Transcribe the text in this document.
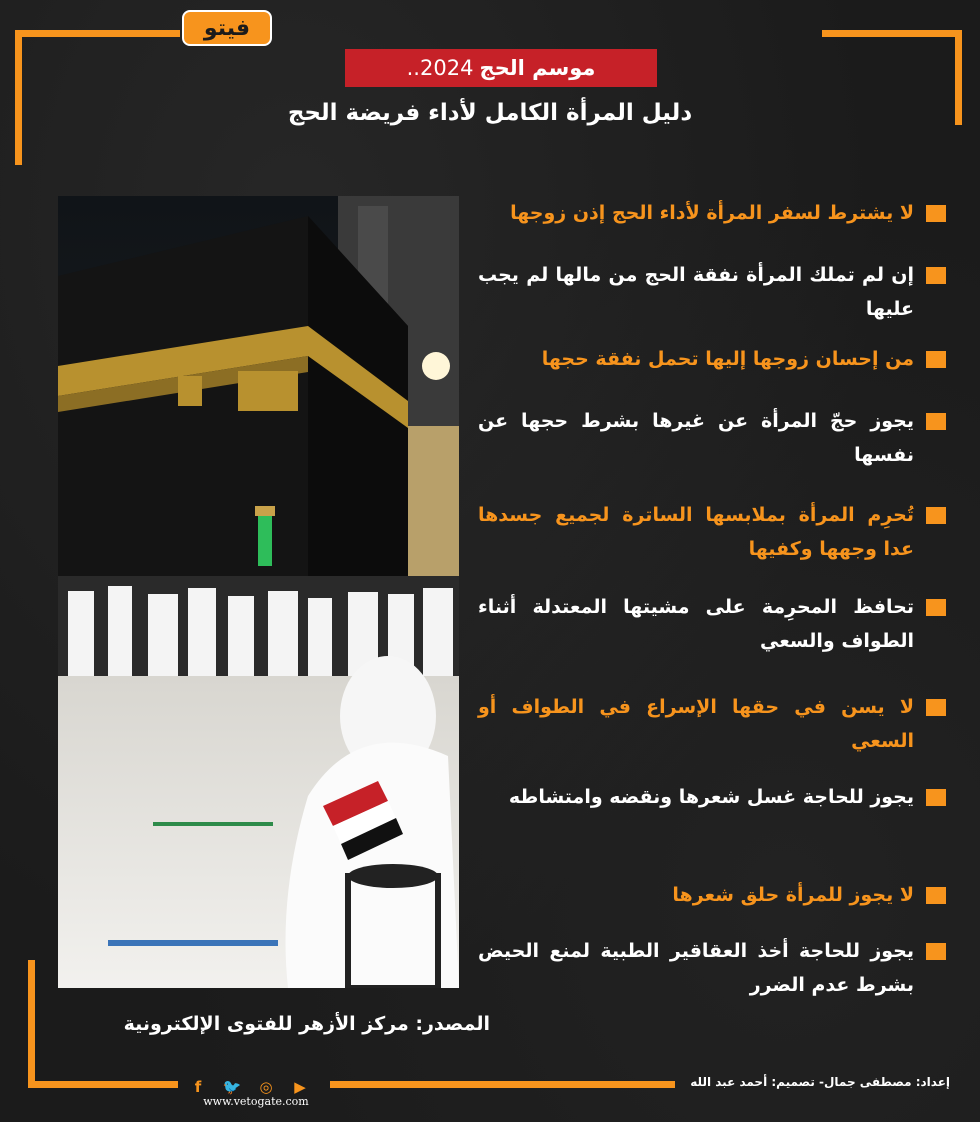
فيتو
موسم الحج
2024..
دليل المرأة الكامل لأداء فريضة الحج
لا يشترط لسفر المرأة لأداء الحج إذن زوجها
إن لم تملك المرأة نفقة الحج من مالها لم يجب عليها
من إحسان زوجها إليها تحمل نفقة حجها
يجوز حجّ المرأة عن غيرها بشرط حجها عن نفسها
تُحرِم المرأة بملابسها الساترة لجميع جسدها عدا وجهها وكفيها
تحافظ المحرِمة على مشيتها المعتدلة أثناء الطواف والسعي
لا يسن في حقها الإسراع في الطواف أو السعي
يجوز للحاجة غسل شعرها ونقضه وامتشاطه
لا يجوز للمرأة حلق شعرها
يجوز للحاجة أخذ العقاقير الطبية لمنع الحيض بشرط عدم الضرر
المصدر: مركز الأزهر للفتوى الإلكترونية
f	🐦	◎	▶
www.vetogate.com
إعداد: مصطفى جمال- تصميم: أحمد عبد الله
